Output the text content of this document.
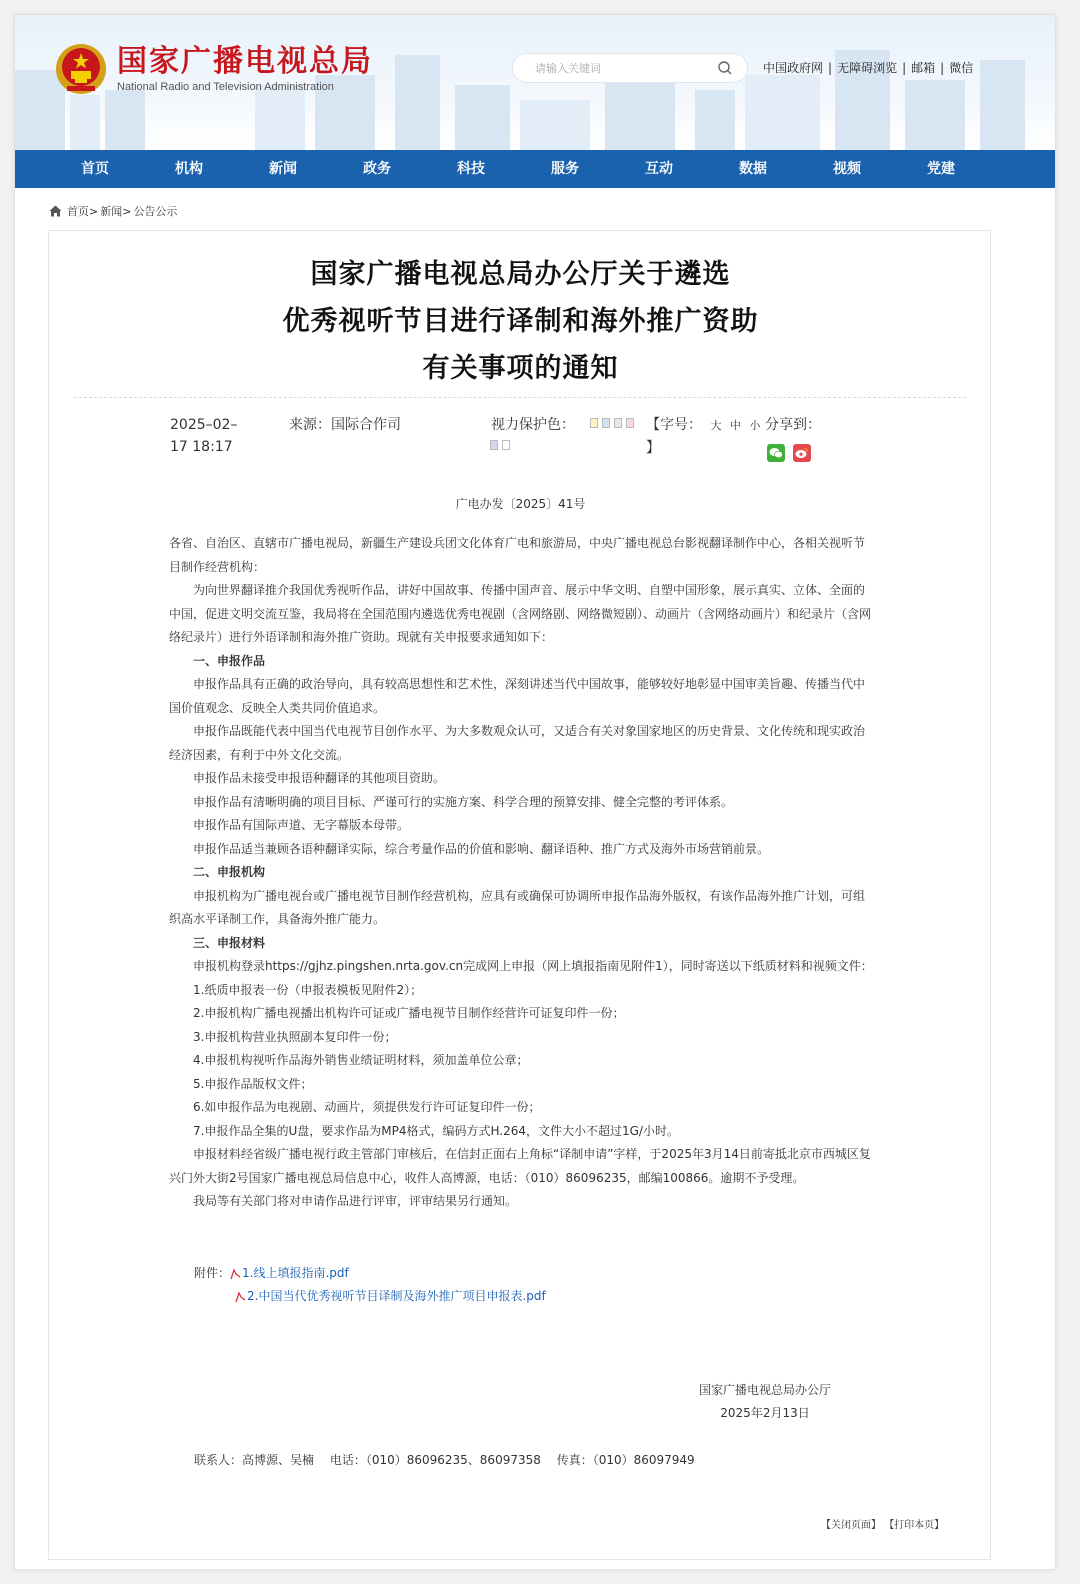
国家广播电视总局
National Radio and Television Administration
请输入关键词
中国政府网 | 无障碍浏览 | 邮箱 | 微信
首页	机构	新闻	政务	科技	服务	互动	数据	视频	党建
首页> 新闻> 公告公示
国家广播电视总局办公厅关于遴选
优秀视听节目进行译制和海外推广资助
有关事项的通知
2025–02–
17 18:17
来源：国际合作司	视力保护色：	【字号： 大 中 小
】
分享到：
广电办发〔2025〕41号

各省、自治区、直辖市广播电视局，新疆生产建设兵团文化体育广电和旅游局，中央广播电视总台影视翻译制作中心，各相关视听节目制作经营机构：

为向世界翻译推介我国优秀视听作品，讲好中国故事、传播中国声音、展示中华文明、自塑中国形象，展示真实、立体、全面的中国，促进文明交流互鉴，我局将在全国范围内遴选优秀电视剧（含网络剧、网络微短剧）、动画片（含网络动画片）和纪录片（含网络纪录片）进行外语译制和海外推广资助。现就有关申报要求通知如下：

一、申报作品

申报作品具有正确的政治导向，具有较高思想性和艺术性，深刻讲述当代中国故事，能够较好地彰显中国审美旨趣、传播当代中国价值观念、反映全人类共同价值追求。

申报作品既能代表中国当代电视节目创作水平、为大多数观众认可，又适合有关对象国家地区的历史背景、文化传统和现实政治经济因素，有利于中外文化交流。

申报作品未接受申报语种翻译的其他项目资助。

申报作品有清晰明确的项目目标、严谨可行的实施方案、科学合理的预算安排、健全完整的考评体系。

申报作品有国际声道、无字幕版本母带。

申报作品适当兼顾各语种翻译实际，综合考量作品的价值和影响、翻译语种、推广方式及海外市场营销前景。

二、申报机构

申报机构为广播电视台或广播电视节目制作经营机构，应具有或确保可协调所申报作品海外版权，有该作品海外推广计划，可组织高水平译制工作，具备海外推广能力。

三、申报材料

申报机构登录https://gjhz.pingshen.nrta.gov.cn完成网上申报（网上填报指南见附件1），同时寄送以下纸质材料和视频文件：

1.纸质申报表一份（申报表模板见附件2）；

2.申报机构广播电视播出机构许可证或广播电视节目制作经营许可证复印件一份；

3.申报机构营业执照副本复印件一份；

4.申报机构视听作品海外销售业绩证明材料，须加盖单位公章；

5.申报作品版权文件；

6.如申报作品为电视剧、动画片，须提供发行许可证复印件一份；

7.申报作品全集的U盘，要求作品为MP4格式，编码方式H.264，文件大小不超过1G/小时。

申报材料经省级广播电视行政主管部门审核后，在信封正面右上角标“译制申请”字样，于2025年3月14日前寄抵北京市西城区复兴门外大街2号国家广播电视总局信息中心，收件人高博源，电话：（010）86096235，邮编100866。逾期不予受理。

我局等有关部门将对申请作品进行评审，评审结果另行通知。

附件： 1.线上填报指南.pdf
2.中国当代优秀视听节目译制及海外推广项目申报表.pdf
国家广播电视总局办公厅
2025年2月13日
联系人：高博源、吴楠　 电话：（010）86096235、86097358　 传真：（010）86097949
【关闭页面】 【打印本页】
